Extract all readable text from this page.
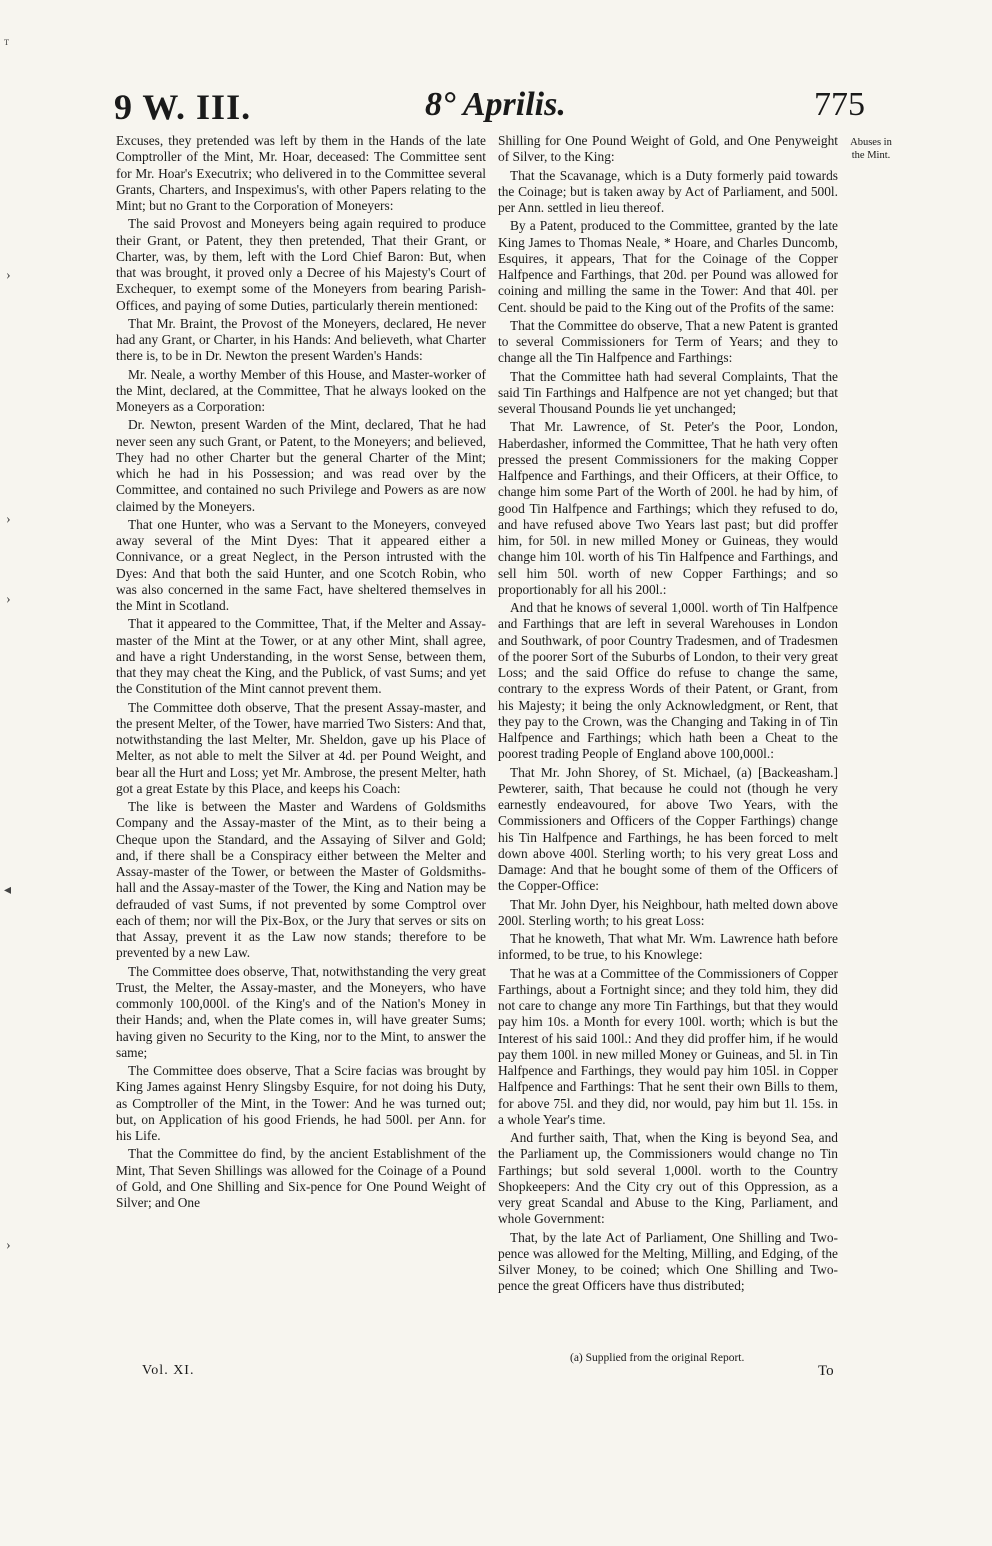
9 W. III.	8° Aprilis.	775

Excuses, they pretended was left by them in the Hands of the late Comptroller of the Mint, Mr. Hoar, deceased: The Committee sent for Mr. Hoar's Executrix; who delivered in to the Committee several Grants, Charters, and Inspeximus's, with other Papers relating to the Mint; but no Grant to the Corporation of Moneyers:

The said Provost and Moneyers being again required to produce their Grant, or Patent, they then pretended, That their Grant, or Charter, was, by them, left with the Lord Chief Baron: But, when that was brought, it proved only a Decree of his Majesty's Court of Exchequer, to exempt some of the Moneyers from bearing Parish-Offices, and paying of some Duties, particularly therein mentioned:

That Mr. Braint, the Provost of the Moneyers, declared, He never had any Grant, or Charter, in his Hands: And believeth, what Charter there is, to be in Dr. Newton the present Warden's Hands:

Mr. Neale, a worthy Member of this House, and Master-worker of the Mint, declared, at the Committee, That he always looked on the Moneyers as a Corporation:

Dr. Newton, present Warden of the Mint, declared, That he had never seen any such Grant, or Patent, to the Moneyers; and believed, They had no other Charter but the general Charter of the Mint; which he had in his Possession; and was read over by the Committee, and contained no such Privilege and Powers as are now claimed by the Moneyers.

That one Hunter, who was a Servant to the Moneyers, conveyed away several of the Mint Dyes: That it appeared either a Connivance, or a great Neglect, in the Person intrusted with the Dyes: And that both the said Hunter, and one Scotch Robin, who was also concerned in the same Fact, have sheltered themselves in the Mint in Scotland.

That it appeared to the Committee, That, if the Melter and Assay-master of the Mint at the Tower, or at any other Mint, shall agree, and have a right Understanding, in the worst Sense, between them, that they may cheat the King, and the Publick, of vast Sums; and yet the Constitution of the Mint cannot prevent them.

The Committee doth observe, That the present Assay-master, and the present Melter, of the Tower, have married Two Sisters: And that, notwithstanding the last Melter, Mr. Sheldon, gave up his Place of Melter, as not able to melt the Silver at 4d. per Pound Weight, and bear all the Hurt and Loss; yet Mr. Ambrose, the present Melter, hath got a great Estate by this Place, and keeps his Coach:

The like is between the Master and Wardens of Goldsmiths Company and the Assay-master of the Mint, as to their being a Cheque upon the Standard, and the Assaying of Silver and Gold; and, if there shall be a Conspiracy either between the Melter and Assay-master of the Tower, or between the Master of Goldsmiths-hall and the Assay-master of the Tower, the King and Nation may be defrauded of vast Sums, if not prevented by some Comptrol over each of them; nor will the Pix-Box, or the Jury that serves or sits on that Assay, prevent it as the Law now stands; therefore to be prevented by a new Law.

The Committee does observe, That, notwithstanding the very great Trust, the Melter, the Assay-master, and the Moneyers, who have commonly 100,000l. of the King's and of the Nation's Money in their Hands; and, when the Plate comes in, will have greater Sums; having given no Security to the King, nor to the Mint, to answer the same;

The Committee does observe, That a Scire facias was brought by King James against Henry Slingsby Esquire, for not doing his Duty, as Comptroller of the Mint, in the Tower: And he was turned out; but, on Application of his good Friends, he had 500l. per Ann. for his Life.

That the Committee do find, by the ancient Establishment of the Mint, That Seven Shillings was allowed for the Coinage of a Pound of Gold, and One Shilling and Six-pence for One Pound Weight of Silver; and One

Shilling for One Pound Weight of Gold, and One Penyweight of Silver, to the King:

That the Scavanage, which is a Duty formerly paid towards the Coinage; but is taken away by Act of Parliament, and 500l. per Ann. settled in lieu thereof.

By a Patent, produced to the Committee, granted by the late King James to Thomas Neale, * Hoare, and Charles Duncomb, Esquires, it appears, That for the Coinage of the Copper Halfpence and Farthings, that 20d. per Pound was allowed for coining and milling the same in the Tower: And that 40l. per Cent. should be paid to the King out of the Profits of the same:

That the Committee do observe, That a new Patent is granted to several Commissioners for Term of Years; and they to change all the Tin Halfpence and Farthings:

That the Committee hath had several Complaints, That the said Tin Farthings and Halfpence are not yet changed; but that several Thousand Pounds lie yet unchanged;

That Mr. Lawrence, of St. Peter's the Poor, London, Haberdasher, informed the Committee, That he hath very often pressed the present Commissioners for the making Copper Halfpence and Farthings, and their Officers, at their Office, to change him some Part of the Worth of 200l. he had by him, of good Tin Halfpence and Farthings; which they refused to do, and have refused above Two Years last past; but did proffer him, for 50l. in new milled Money or Guineas, they would change him 10l. worth of his Tin Halfpence and Farthings, and sell him 50l. worth of new Copper Farthings; and so proportionably for all his 200l.:

And that he knows of several 1,000l. worth of Tin Halfpence and Farthings that are left in several Warehouses in London and Southwark, of poor Country Tradesmen, and of Tradesmen of the poorer Sort of the Suburbs of London, to their very great Loss; and the said Office do refuse to change the same, contrary to the express Words of their Patent, or Grant, from his Majesty; it being the only Acknowledgment, or Rent, that they pay to the Crown, was the Changing and Taking in of Tin Halfpence and Farthings; which hath been a Cheat to the poorest trading People of England above 100,000l.:

That Mr. John Shorey, of St. Michael, (a) [Backeasham.] Pewterer, saith, That because he could not (though he very earnestly endeavoured, for above Two Years, with the Commissioners and Officers of the Copper Farthings) change his Tin Halfpence and Farthings, he has been forced to melt down above 400l. Sterling worth; to his very great Loss and Damage: And that he bought some of them of the Officers of the Copper-Office:

That Mr. John Dyer, his Neighbour, hath melted down above 200l. Sterling worth; to his great Loss:

That he knoweth, That what Mr. Wm. Lawrence hath before informed, to be true, to his Knowlege:

That he was at a Committee of the Commissioners of Copper Farthings, about a Fortnight since; and they told him, they did not care to change any more Tin Farthings, but that they would pay him 10s. a Month for every 100l. worth; which is but the Interest of his said 100l.: And they did proffer him, if he would pay them 100l. in new milled Money or Guineas, and 5l. in Tin Halfpence and Farthings, they would pay him 105l. in Copper Halfpence and Farthings: That he sent their own Bills to them, for above 75l. and they did, nor would, pay him but 1l. 15s. in a whole Year's time.

And further saith, That, when the King is beyond Sea, and the Parliament up, the Commissioners would change no Tin Farthings; but sold several 1,000l. worth to the Country Shopkeepers: And the City cry out of this Oppression, as a very great Scandal and Abuse to the King, Parliament, and whole Government:

That, by the late Act of Parliament, One Shilling and Two-pence was allowed for the Melting, Milling, and Edging, of the Silver Money, to be coined; which One Shilling and Two-pence the great Officers have thus distributed;

Abuses in the Mint.
(a) Supplied from the original Report.
Vol. XI.	To
ᵀ
›
›
›
◂
›
